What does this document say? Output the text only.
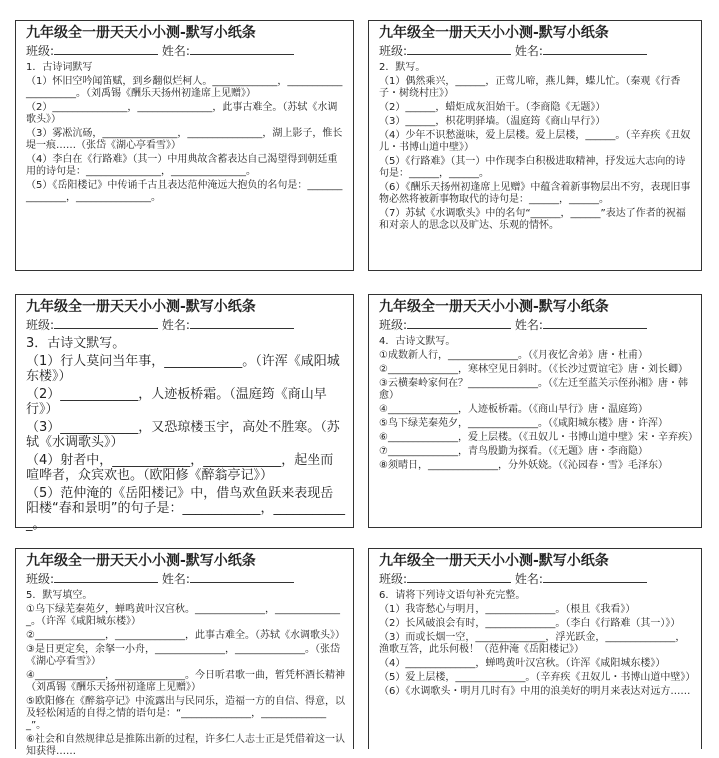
九年级全一册天天小小测-默写小纸条
班级:	姓名:

1．古诗词默写

（1）怀旧空吟闻笛赋，到乡翻似烂柯人。_____________，_____________________。（刘禹锡《酬乐天扬州初逢席上见赠》）

（2）_______________，_______________，此事古难全。（苏轼《水调歌头》）

（3）雾凇沆砀，_______________，_______________，湖上影子，惟长堤一痕……（张岱《湖心亭看雪》）

（4）李白在《行路难》（其一）中用典故含蓄表达自己渴望得到朝廷重用的诗句是：_______________，_______________。

（5）《岳阳楼记》中传诵千古且表达范仲淹远大抱负的名句是：_______________，_______________。

九年级全一册天天小小测-默写小纸条
班级:	姓名:

2．默写。

（1）偶然乘兴，______，正莺儿啼，燕儿舞，蝶儿忙。（秦观《行香子・树绕村庄》）

（2）______，蜡炬成灰泪始干。（李商隐《无题》）

（3）______，枳花明驿墙。（温庭筠《商山早行》）

（4）少年不识愁滋味，爱上层楼。爱上层楼，______。（辛弃疾《丑奴儿・书博山道中壁》）

（5）《行路难》（其一）中作现李白积极进取精神，抒发远大志向的诗句是：______，______。

（6）《酬乐天扬州初逢席上见赠》中蕴含着新事物层出不穷，表现旧事物必然将被新事物取代的诗句是：______，______。

（7）苏轼《水调歌头》中的名句“______，______”表达了作者的祝福和对亲人的思念以及旷达、乐观的情怀。

九年级全一册天天小小测-默写小纸条
班级:	姓名:

3．古诗文默写。

（1）行人莫问当年事，____________。（许浑《咸阳城东楼》）

（2）____________，人迹板桥霜。（温庭筠《商山早行》）

（3）____________，又恐琼楼玉宇，高处不胜寒。（苏轼《水调歌头》）

（4）射者中，____________，____________，起坐而喧哗者，众宾欢也。（欧阳修《醉翁亭记》）

（5）范仲淹的《岳阳楼记》中，借鸟欢鱼跃来表现岳阳楼“春和景明”的句子是：____________，____________。

九年级全一册天天小小测-默写小纸条
班级:	姓名:

4．古诗文默写。

①成数新人行，______________。（《月夜忆舍弟》唐・杜甫）

②______________，寒林空见日斜时。（《长沙过贾谊宅》唐・刘长卿）

③云横秦岭家何在？______________。（《左迁至蓝关示侄孙湘》唐・韩愈）

④______________，人迹板桥霜。（《商山早行》唐・温庭筠）

⑤鸟下绿芜秦苑夕，______________。（《咸阳城东楼》唐・许浑）

⑥______________，爱上层楼。（《丑奴儿・书博山道中壁》宋・辛弃疾）

⑦______________，青鸟殷勤为探看。（《无题》唐・李商隐）

⑧须晴日，______________，分外妖娆。（《沁园春・雪》毛泽东）

九年级全一册天天小小测-默写小纸条
班级:	姓名:

5．默写填空。

①乌下绿芜秦苑夕，蝉鸣黄叶汉宫秋。______________，______________。（许浑《咸阳城东楼》）

②______________，______________，此事古难全。（苏轼《水调歌头》）

③是日更定矣，余拏一小舟，______________，______________。（张岱《湖心亭看雪》）

④______________，______________。今日听君歌一曲，暂凭杯酒长精神（刘禹锡《酬乐天扬州初逢席上见赠》）

⑤欧阳修在《醉翁亭记》中流露出与民同乐，造福一方的自信、得意，以及轻松闲适的自得之情的语句是：“______________，______________”。

⑥社会和自然规律总是推陈出新的过程，许多仁人志士正是凭借着这一认知获得……

九年级全一册天天小小测-默写小纸条
班级:	姓名:

6．请将下列诗文语句补充完整。

（1）我寄愁心与明月，______________。（根且《我看》）

（2）长风破浪会有时，______________。（李白《行路难（其一）》）

（3）而或长烟一空，______________，浮光跃金，______________，渔歌互答，此乐何极！（范仲淹《岳阳楼记》）

（4）______________，蝉鸣黄叶汉宫秋。（许浑《咸阳城东楼》）

（5）爱上层楼，______________。（辛弃疾《丑奴儿・书博山道中壁》）

（6）《水调歌头・明月几时有》中用的浪美好的明月来表达对远方……
